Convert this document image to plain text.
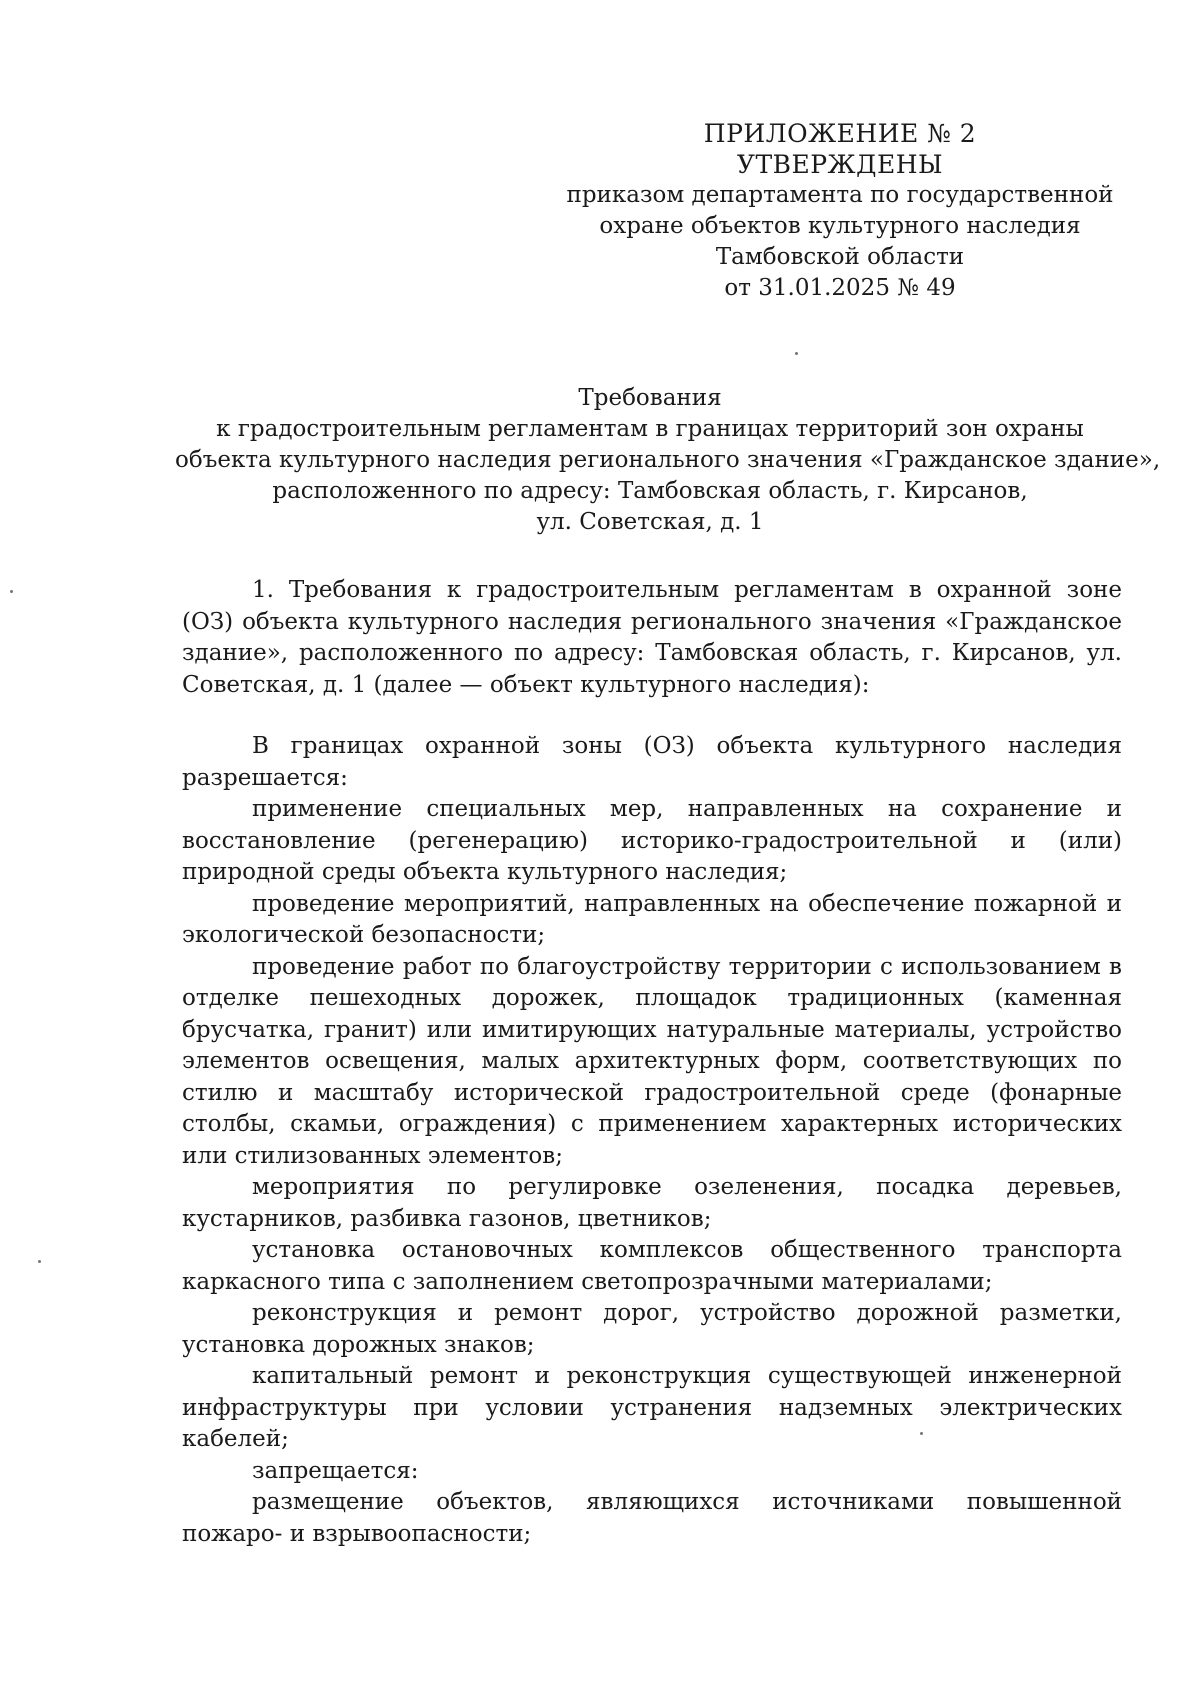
ПРИЛОЖЕНИЕ № 2
УТВЕРЖДЕНЫ
приказом департамента по государственной
охране объектов культурного наследия
Тамбовской области
от 31.01.2025 № 49
Требования
к градостроительным регламентам в границах территорий зон охраны
объекта культурного наследия регионального значения «Гражданское здание»,
расположенного по адресу: Тамбовская область, г. Кирсанов,
ул. Советская, д. 1

1. Требования к градостроительным регламентам в охранной зоне (ОЗ) объекта культурного наследия регионального значения «Гражданское здание», расположенного по адресу: Тамбовская область, г. Кирсанов, ул. Советская, д. 1 (далее — объект культурного наследия):

В границах охранной зоны (ОЗ) объекта культурного наследия разрешается:

применение специальных мер, направленных на сохранение и восстановление (регенерацию) историко-градостроительной и (или) природной среды объекта культурного наследия;

проведение мероприятий, направленных на обеспечение пожарной и экологической безопасности;

проведение работ по благоустройству территории с использованием в отделке пешеходных дорожек, площадок традиционных (каменная брусчатка, гранит) или имитирующих натуральные материалы, устройство элементов освещения, малых архитектурных форм, соответствующих по стилю и масштабу исторической градостроительной среде (фонарные столбы, скамьи, ограждения) с применением характерных исторических или стилизованных элементов;

мероприятия по регулировке озеленения, посадка деревьев, кустарников, разбивка газонов, цветников;

установка остановочных комплексов общественного транспорта каркасного типа с заполнением светопрозрачными материалами;

реконструкция и ремонт дорог, устройство дорожной разметки, установка дорожных знаков;

капитальный ремонт и реконструкция существующей инженерной инфраструктуры при условии устранения надземных электрических кабелей;

запрещается:

размещение объектов, являющихся источниками повышенной пожаро- и взрывоопасности;
